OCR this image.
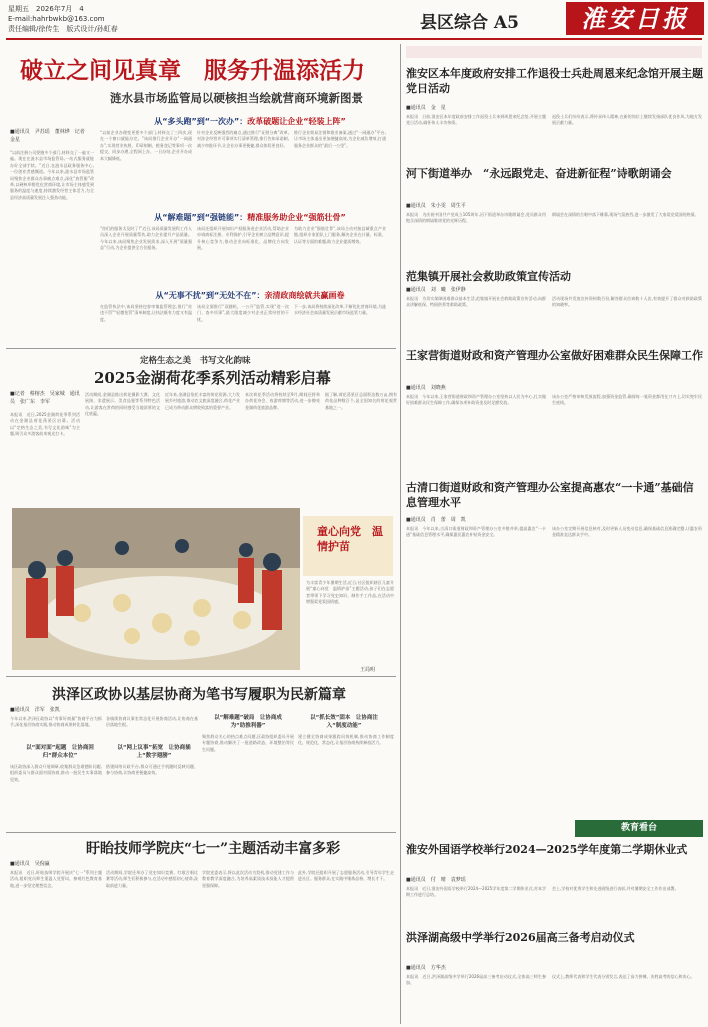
星期五　2026年7月　4
E-mail:hahrbwkb@163.com
责任编辑/徐传生　版式设计/孙虹春	县区综合 A5	淮安日报
破立之间见真章　服务升温添活力
涟水县市场监管局以硬核担当绘就营商环境新图景
■通讯员　尹苏瑶　董林烨　记者　金星
“以前注册公司要跑多个部门,材料交了一遍又一遍。现在在涟水县市场监管局,一站式服务就能办好全部手续。”近日,在涟水县政务服务中心,一位创业者感慨道。今年以来,涟水县市场监管局聚焦企业群众办事痛点难点,深化“放管服”改革,以硬核举措优化营商环境,让市场主体感受到服务的温度与速度,持续激发经营主体活力,为全县经济高质量发展注入强劲动能。
从“多头跑”到“一次办”：改革破题让企业“轻装上阵”
“以前企业办理变更要多个部门,材料交了三四次,现在一个窗口就能办完。”该局推行企业开办“一网通办”,实现营业执照、印章刻制、税务登记等事项一次提交、同步办理,全程网上办、一日办结,企业开办成本大幅降低。
针对企业反映强烈的痛点,通过推行“证照分离”改革,对涉企经营许可事项实行清单管理,推行告知承诺制,减少审批环节,让企业办事更便捷,群众体验更良好。
推行企业简易注销和歇业备案,通过“一网通办”平台,让市场主体退出更加便捷高效,为企业减负增效,打通服务企业群众的“最后一公里”。
从“解难题”到“强链能”：精准服务助企业“强筋壮骨”
“你们的服务太及时了!”近日,该局质量发展科工作人员深入企业开展质量帮扶,助力企业提升产品质量。今年以来,该局聚焦企业发展需求,深入开展“质量强县”行动,为企业提供全方位服务。
该局还组织开展知识产权服务进企业活动,帮助企业申请商标注册、专利保护,引导企业树立品牌意识,提升核心竞争力,推动企业向标准化、品牌化方向发展。
为助力企业“强筋壮骨”,该局主动对接县域重点产业链,组织专家团队上门服务,解决企业在计量、标准、认证等方面的难题,助力企业提质增效。
从“无事不扰”到“无处不在”：亲清政商绘就共赢画卷
在监管执法中,该局坚持包容审慎监管理念,推行“首违不罚”“轻微免罚”清单制度,让执法既有力度又有温度。
该局全面推行“双随机、一公开”监管,实现“进一次门、查多项事”,最大限度减少对企业正常经营的干扰。
下一步,该局将持续深化改革,不断优化营商环境,为涟水经济社会高质量发展贡献市场监管力量。
定格生态之美　书写文化韵味
2025金湖荷花季系列活动精彩启幕
■记者　蔡榕杰　吴家城　通讯员　张广东　李军
本报讯　近日,2025金湖荷花季系列活动在金湖县荷花荡景区启幕。活动以“定格生态之美,书写文化韵味”为主题,吸引众多游客前来观光打卡。
活动期间,金湖县推出荷花摄影大赛、文化展演、非遗展示、美食品鉴等系列特色活动,让游客在赏荷的同时感受当地浓厚的文化底蕴。
近年来,金湖县依托丰富的荷花资源,大力发展乡村旅游,推动农文旅深度融合,荷花产业已成为带动群众增收致富的重要产业。
本次荷花季活动将持续至9月,期间还将举办荷花诗会、夜游荷塘等活动,进一步擦亮金湖荷花旅游品牌。
据了解,荷花荡景区总面积达数万亩,拥有荷花品种数百个,是全国知名的荷花观赏基地之一。
童心向党　温情护苗
为丰富青少年暑期生活,近日,社区组织辖区儿童开展“童心向党　温情护苗”主题活动,孩子们在志愿者带领下学习党史知识、制作手工作品,在活动中增强爱党爱国情感。
王局明
洪泽区政协以基层协商为笔书写履职为民新篇章
■通讯员　洋军　张凯
今年以来,洪泽区政协以“有事好商量”协商平台为抓手,深化基层协商实践,推动协商成果转化落地。
以“面对面”起题　让协商回归“群众本位”
该区政协深入群众开展调研,收集群众急难愁盼问题,组织委员与群众面对面协商,推动一批民生实事落地见效。
各镇街协商议事室常态化开展协商活动,让协商在基层落地生根。
以“网上议事”拓宽　让协商插上“数字翅膀”
搭建网络议政平台,群众可通过手机随时反映问题、参与协商,让协商更便捷高效。
以“解难题”破局　让协商成为“助推利器”
聚焦群众关心的热点难点问题,区政协组织委员开展专题协商,推动解决了一批道路改造、环境整治等民生问题。
以“抓长效”固本　让协商注入“制度动能”
建立健全协商成果跟踪问效机制,推动协商工作制度化、规范化、常态化,让基层协商持续释放活力。
盱眙技师学院庆“七一”主题活动丰富多彩
■通讯员　吴倪赢
本报讯　近日,盱眙技师学院开展庆“七一”系列主题活动,组织党员师生重温入党誓词、参观红色教育基地,进一步坚定理想信念。
活动期间,学院还举办了党史知识竞赛、红歌合唱比赛等活动,师生们积极参与,在活动中感悟初心使命,汲取前进力量。
学院党委表示,将以此次活动为契机,推动党建工作与教育教学深度融合,为培养高素质技术技能人才提供坚强保障。
此外,学院还组织开展了志愿服务活动,引导青年学生走进社区、服务群众,在实践中锤炼品格、增长才干。
淮安区本年度政府安排工作退役士兵赴周恩来纪念馆开展主题党日活动
■通讯员　金　星
本报讯　日前,淮安区本年度政府安排工作退役士兵来到周恩来纪念馆,开展主题党日活动,缅怀伟人丰功伟绩。
退役士兵们纷纷表示,将传承伟人精神,在新的岗位上继续发扬部队优良作风,为地方发展贡献力量。
河下街道举办　“永远跟党走、奋进新征程”诗歌朗诵会
■通讯员　朱小雯　周生平
本报讯　为庆祝中国共产党成立105周年,河下街道举办诗歌朗诵会,党员群众用饱含深情的朗诵歌颂党的光辉历程。
朗诵会在深情的合唱中落下帷幕,现场气氛热烈,进一步激发了大家爱党爱国的热情。
范集镇开展社会救助政策宣传活动
■通讯员　刘　曦　张伊静
本报讯　为切实保障困难群众基本生活,范集镇开展社会救助政策宣传活动,向群众讲解低保、特困供养等救助政策。
活动现场共发放宣传资料数百份,解答群众咨询数十人次,有效提升了群众对救助政策的知晓率。
王家营街道财政和资产管理办公室做好困难群众民生保障工作
■通讯员　刘晓燕
本报讯　今年以来,王家营街道财政和资产管理办公室坚持以人民为中心,扎实做好困难群众民生保障工作,确保各项补助资金及时足额发放。
该办公室严格审核发放流程,加强资金监管,确保每一笔资金都用在刀刃上,切实兜牢民生底线。
古清口街道财政和资产管理办公室提高惠农“一卡通”基础信息管理水平
■通讯员　肖　蕾　周　凯
本报讯　今年以来,古清口街道财政和资产管理办公室多措并举,提高惠农“一卡通”基础信息管理水平,确保惠民惠农补贴资金安全。
该办公室定期开展信息核对,及时更新人员变动信息,确保基础信息准确完整,让惠农资金精准直达群众手中。
教育看台
淮安外国语学校举行2024—2025学年度第二学期休业式
■通讯员　付　晴　袁梦瑶
本报讯　近日,淮安外国语学校举行2024—2025学年度第二学期休业式,对本学期工作进行总结。
会上,学校对优秀学生和先进班级进行表彰,并对暑期安全工作作出部署。
洪泽湖高级中学举行2026届高三备考启动仪式
■通讯员　方华杰
本报讯　近日,洪泽湖高级中学举行2026届高三备考启动仪式,全体高三师生参加。
仪式上,教师代表和学生代表分别发言,表达了奋力拼搏、决胜高考的信心和决心。
